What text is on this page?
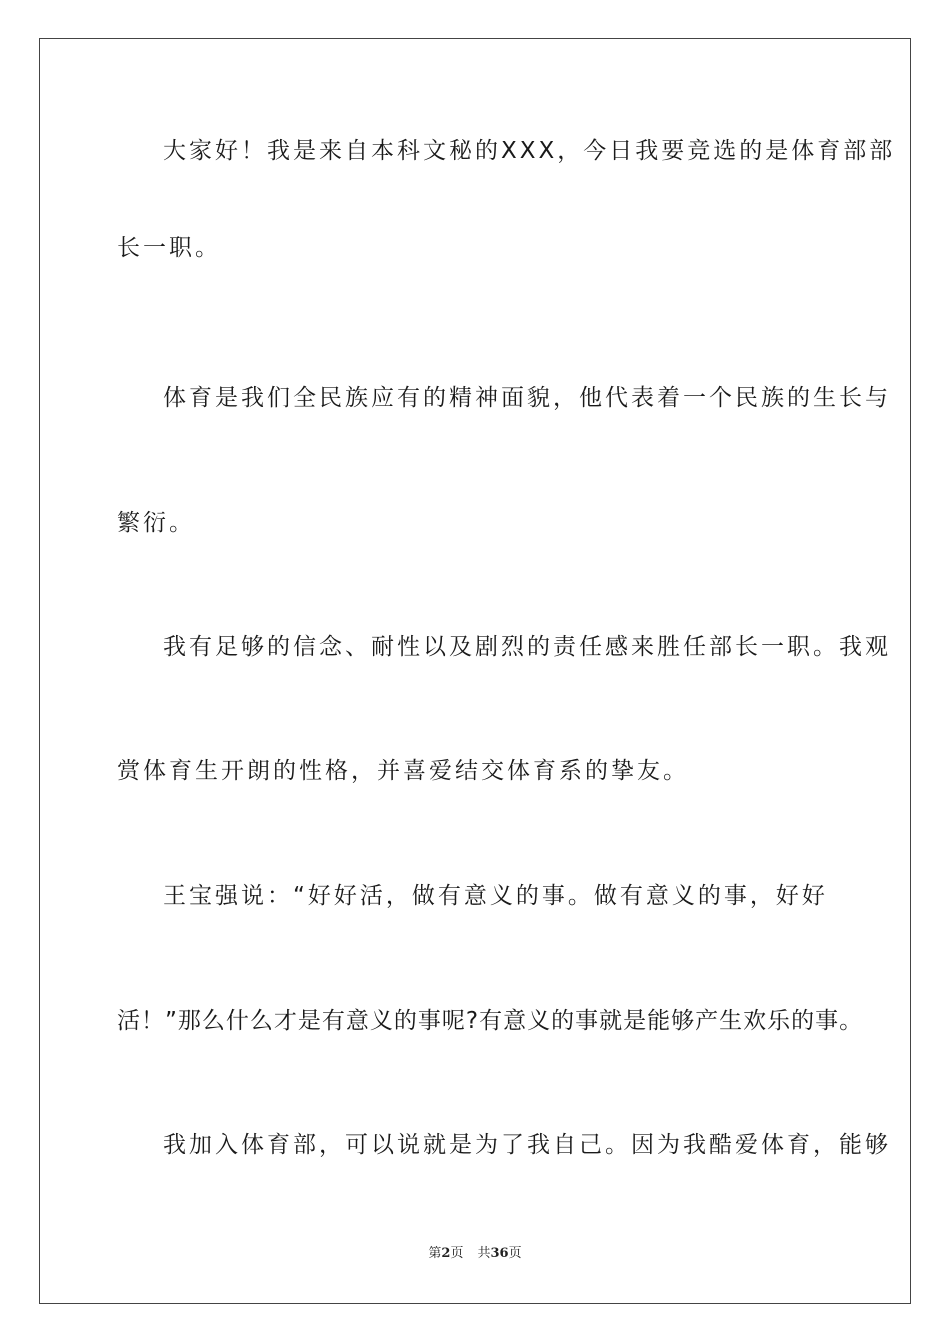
大家好！我是来自本科文秘的XXX，今日我要竞选的是体育部部
长一职。
体育是我们全民族应有的精神面貌，他代表着一个民族的生长与
繁衍。
我有足够的信念、耐性以及剧烈的责任感来胜任部长一职。我观
赏体育生开朗的性格，并喜爱结交体育系的挚友。
王宝强说：“好好活，做有意义的事。做有意义的事，好好
活！”那么什么才是有意义的事呢?有意义的事就是能够产生欢乐的事。
我加入体育部，可以说就是为了我自己。因为我酷爱体育，能够
第2页 共36页
